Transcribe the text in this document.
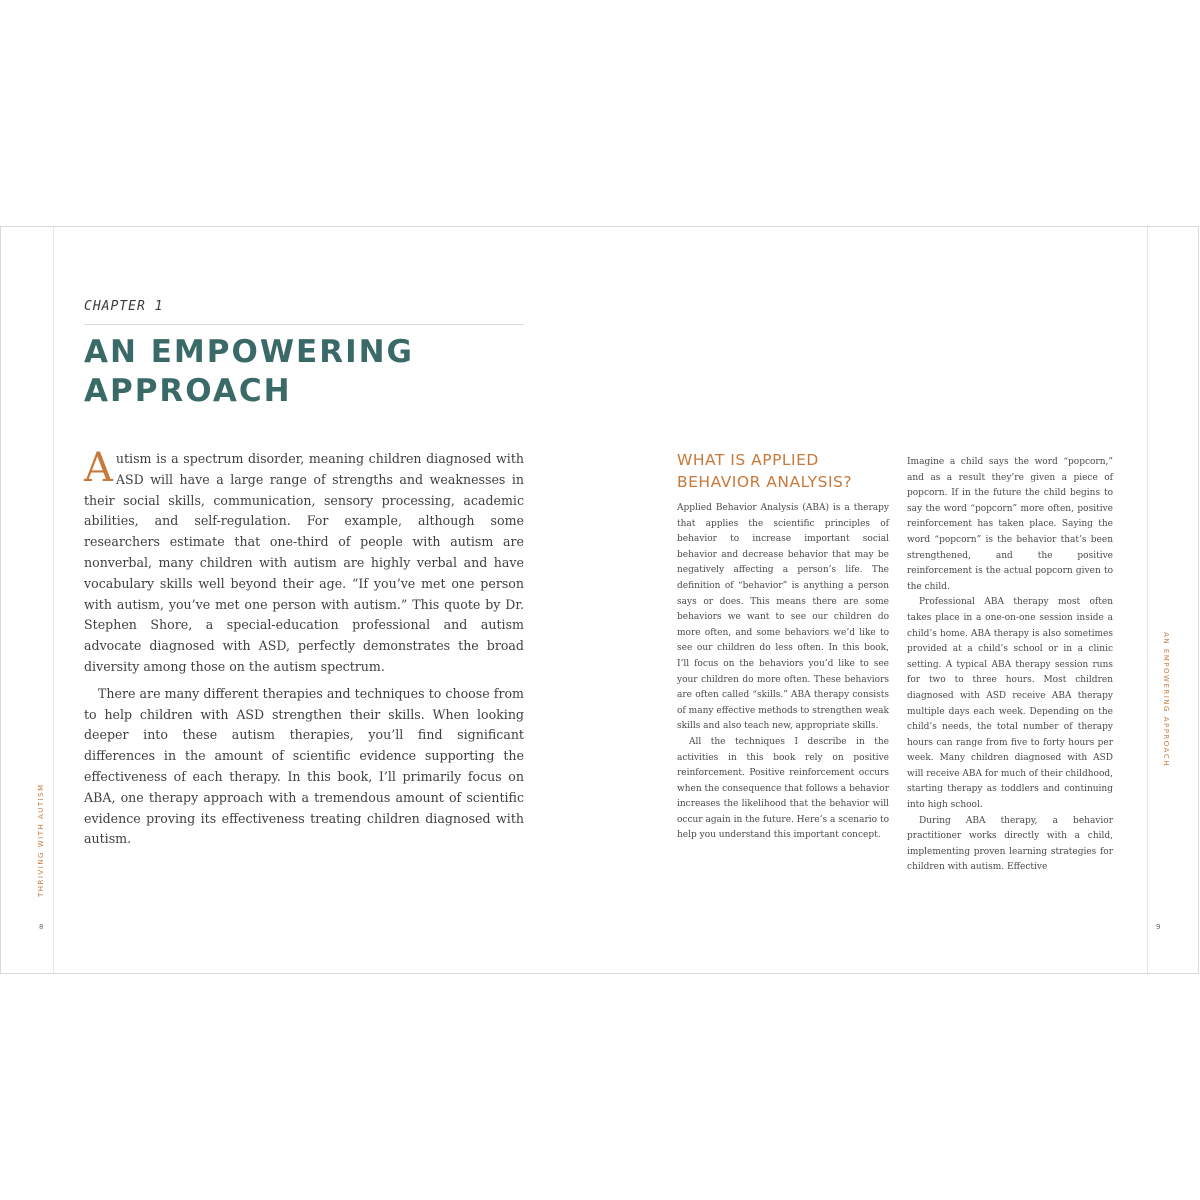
CHAPTER 1
AN EMPOWERING
APPROACH

Autism is a spectrum disorder, meaning children diagnosed with ASD will have a large range of strengths and weaknesses in their social skills, communication, sensory processing, academic abilities, and self-regulation. For example, although some researchers estimate that one-third of people with autism are nonverbal, many children with autism are highly verbal and have vocabulary skills well beyond their age. “If you’ve met one person with autism, you’ve met one person with autism.” This quote by Dr. Stephen Shore, a special-education professional and autism advocate diagnosed with ASD, perfectly demonstrates the broad diversity among those on the autism spectrum.

There are many different therapies and techniques to choose from to help children with ASD strengthen their skills. When looking deeper into these autism therapies, you’ll find significant differences in the amount of scientific evidence supporting the effectiveness of each therapy. In this book, I’ll primarily focus on ABA, one therapy approach with a tremendous amount of scientific evidence proving its effectiveness treating children diagnosed with autism.

THRIVING WITH AUTISM
8
WHAT IS APPLIED
BEHAVIOR ANALYSIS?

Applied Behavior Analysis (ABA) is a therapy that applies the scientific principles of behavior to increase important social behavior and decrease behavior that may be negatively affecting a person’s life. The definition of “behavior” is anything a person says or does. This means there are some behaviors we want to see our children do more often, and some behaviors we’d like to see our children do less often. In this book, I’ll focus on the behaviors you’d like to see your children do more often. These behaviors are often called “skills.” ABA therapy consists of many effective methods to strengthen weak skills and also teach new, appropriate skills.

All the techniques I describe in the activities in this book rely on positive reinforcement. Positive reinforcement occurs when the consequence that follows a behavior increases the likelihood that the behavior will occur again in the future. Here’s a scenario to help you understand this important concept.

Imagine a child says the word “popcorn,” and as a result they’re given a piece of popcorn. If in the future the child begins to say the word “popcorn” more often, positive reinforcement has taken place. Saying the word “popcorn” is the behavior that’s been strengthened, and the positive reinforcement is the actual popcorn given to the child.

Professional ABA therapy most often takes place in a one-on-one session inside a child’s home. ABA therapy is also sometimes provided at a child’s school or in a clinic setting. A typical ABA therapy session runs for two to three hours. Most children diagnosed with ASD receive ABA therapy multiple days each week. Depending on the child’s needs, the total number of therapy hours can range from five to forty hours per week. Many children diagnosed with ASD will receive ABA for much of their childhood, starting therapy as toddlers and continuing into high school.

During ABA therapy, a behavior practitioner works directly with a child, implementing proven learning strategies for children with autism. Effective

AN EMPOWERING APPROACH
9
